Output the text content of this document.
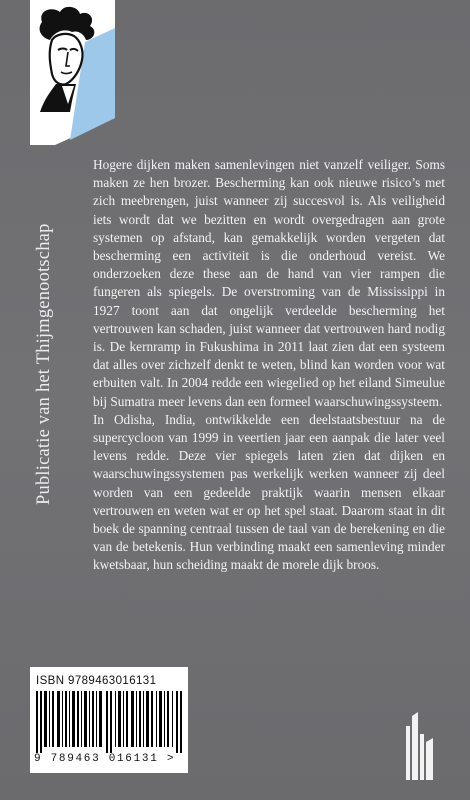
Publicatie van het Thijmgenootschap

Hogere dijken maken samenlevingen niet vanzelf veiliger. Soms maken ze hen brozer. Bescherming kan ook nieuwe risico’s met zich meebrengen, juist wanneer zij succesvol is. Als veiligheid iets wordt dat we bezitten en wordt overgedragen aan grote systemen op afstand, kan gemakkelijk worden vergeten dat bescherming een activiteit is die onderhoud vereist. We onderzoeken deze these aan de hand van vier rampen die fungeren als spiegels. De overstroming van de Mississippi in 1927 toont aan dat ongelijk verdeelde bescherming het vertrouwen kan schaden, juist wanneer dat vertrouwen hard nodig is. De kernramp in Fukushima in 2011 laat zien dat een systeem dat alles over zichzelf denkt te weten, blind kan worden voor wat erbuiten valt. In 2004 redde een wiegelied op het eiland Simeulue bij Sumatra meer levens dan een formeel waarschuwingssysteem.

In Odisha, India, ontwikkelde een deelstaatsbestuur na de supercycloon van 1999 in veertien jaar een aanpak die later veel levens redde. Deze vier spiegels laten zien dat dijken en waarschuwingssystemen pas werkelijk werken wanneer zij deel worden van een gedeelde praktijk waarin mensen elkaar vertrouwen en weten wat er op het spel staat. Daarom staat in dit boek de spanning centraal tussen de taal van de berekening en die van de betekenis. Hun verbinding maakt een samenleving minder kwetsbaar, hun scheiding maakt de morele dijk broos.

ISBN 9789463016131
9 789463 016131 >
